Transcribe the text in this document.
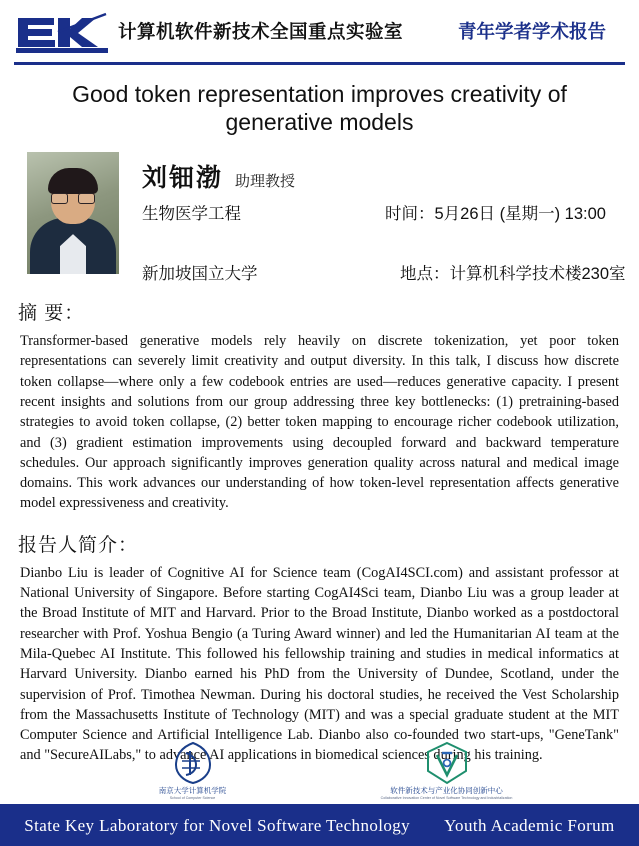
计算机软件新技术全国重点实验室	青年学者学术报告
Good token representation improves creativity of generative models
刘钿渤 助理教授
生物医学工程
新加坡国立大学
时间：5月26日 (星期一) 13:00
地点：计算机科学技术楼230室
摘 要：
Transformer-based generative models rely heavily on discrete tokenization, yet poor token representations can severely limit creativity and output diversity. In this talk, I discuss how discrete token collapse—where only a few codebook entries are used—reduces generative capacity. I present recent insights and solutions from our group addressing three key bottlenecks: (1) pretraining-based strategies to avoid token collapse, (2) better token mapping to encourage richer codebook utilization, and (3) gradient estimation improvements using decoupled forward and backward temperature schedules. Our approach significantly improves generation quality across natural and medical image domains. This work advances our understanding of how token-level representation affects generative model expressiveness and creativity.
报告人简介：
Dianbo Liu is leader of Cognitive AI for Science team (CogAI4SCI.com) and assistant professor at National University of Singapore. Before starting CogAI4Sci team, Dianbo Liu was a group leader at the Broad Institute of MIT and Harvard. Prior to the Broad Institute, Dianbo worked as a postdoctoral researcher with Prof. Yoshua Bengio (a Turing Award winner) and led the Humanitarian AI team at the Mila-Quebec AI Institute. This followed his fellowship training and studies in medical informatics at Harvard University. Dianbo earned his PhD from the University of Dundee, Scotland, under the supervision of Prof. Timothea Newman. During his doctoral studies, he received the Vest Scholarship from the Massachusetts Institute of Technology (MIT) and was a special graduate student at the MIT Computer Science and Artificial Intelligence Lab. Dianbo also co-founded two start-ups, "GeneTank" and "SecureAILabs," to advance AI applications in biomedical sciences during his training.
南京大学计算机学院
School of Computer Science
软件新技术与产业化协同创新中心
Collaborative Innovation Center of Novel Software Technology and Industrialization
State Key Laboratory for Novel Software Technology Youth Academic Forum
